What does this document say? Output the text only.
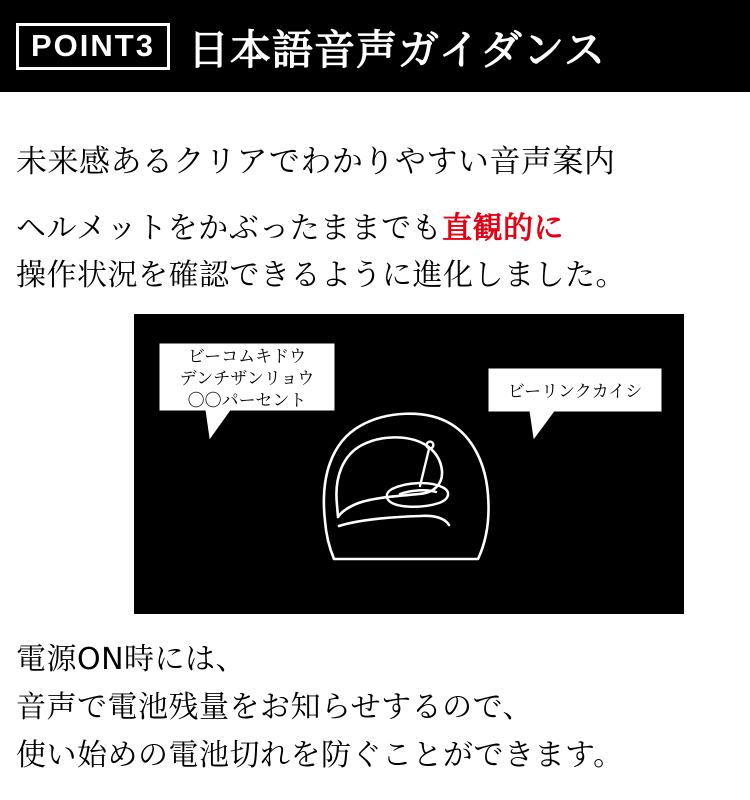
POINT3 日本語音声ガイダンス
未来感あるクリアでわかりやすい音声案内
ヘルメットをかぶったままでも直観的に
操作状況を確認できるように進化しました。
ビーコムキドウ
デンチザンリョウ
〇〇パーセント	ビーリンクカイシ
電源ON時には、
音声で電池残量をお知らせするので、
使い始めの電池切れを防ぐことができます。
